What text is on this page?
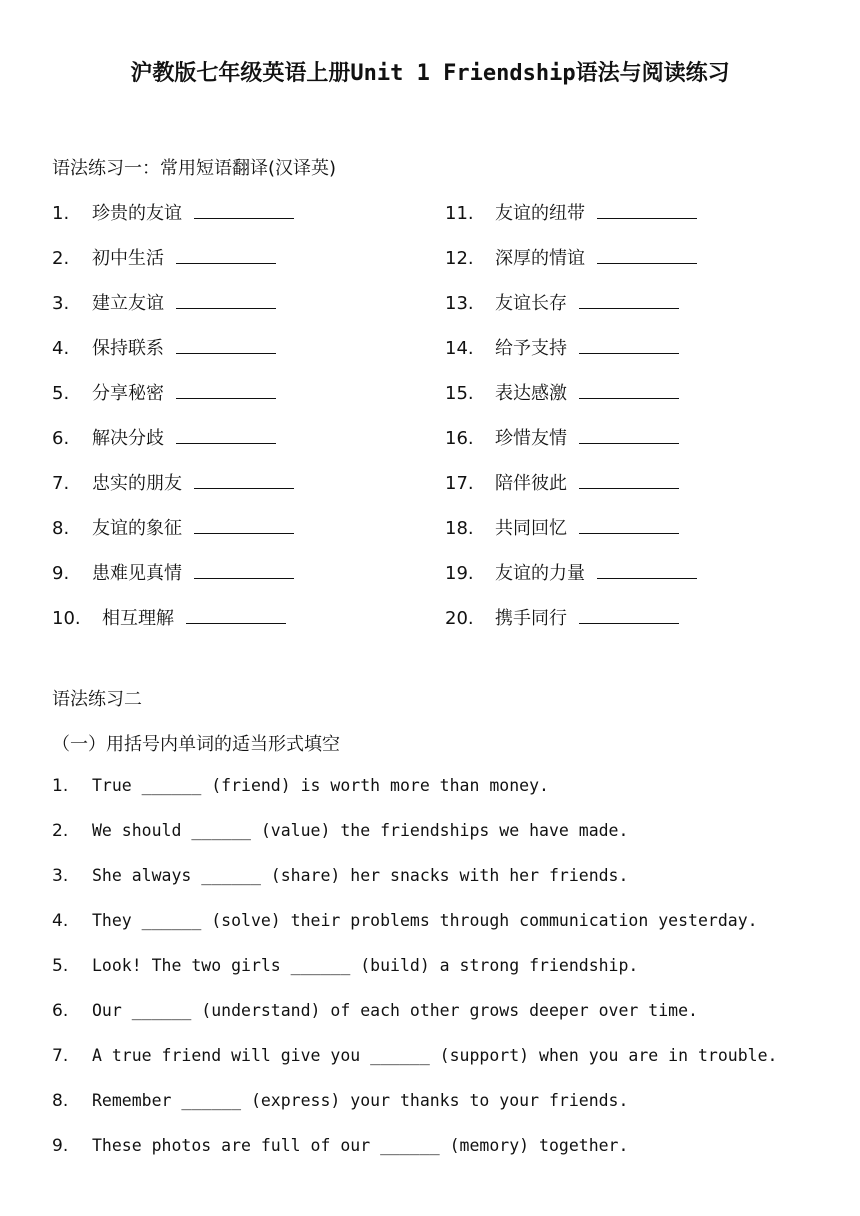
沪教版七年级英语上册Unit 1 Friendship语法与阅读练习
语法练习一：常用短语翻译(汉译英)
1. 珍贵的友谊
2. 初中生活
3. 建立友谊
4. 保持联系
5. 分享秘密
6. 解决分歧
7. 忠实的朋友
8. 友谊的象征
9. 患难见真情
10. 相互理解
11. 友谊的纽带
12. 深厚的情谊
13. 友谊长存
14. 给予支持
15. 表达感激
16. 珍惜友情
17. 陪伴彼此
18. 共同回忆
19. 友谊的力量
20. 携手同行
语法练习二
（一）用括号内单词的适当形式填空
1. True ______ (friend) is worth more than money.
2. We should ______ (value) the friendships we have made.
3. She always ______ (share) her snacks with her friends.
4. They ______ (solve) their problems through communication yesterday.
5. Look! The two girls ______ (build) a strong friendship.
6. Our ______ (understand) of each other grows deeper over time.
7. A true friend will give you ______ (support) when you are in trouble.
8. Remember ______ (express) your thanks to your friends.
9. These photos are full of our ______ (memory) together.
